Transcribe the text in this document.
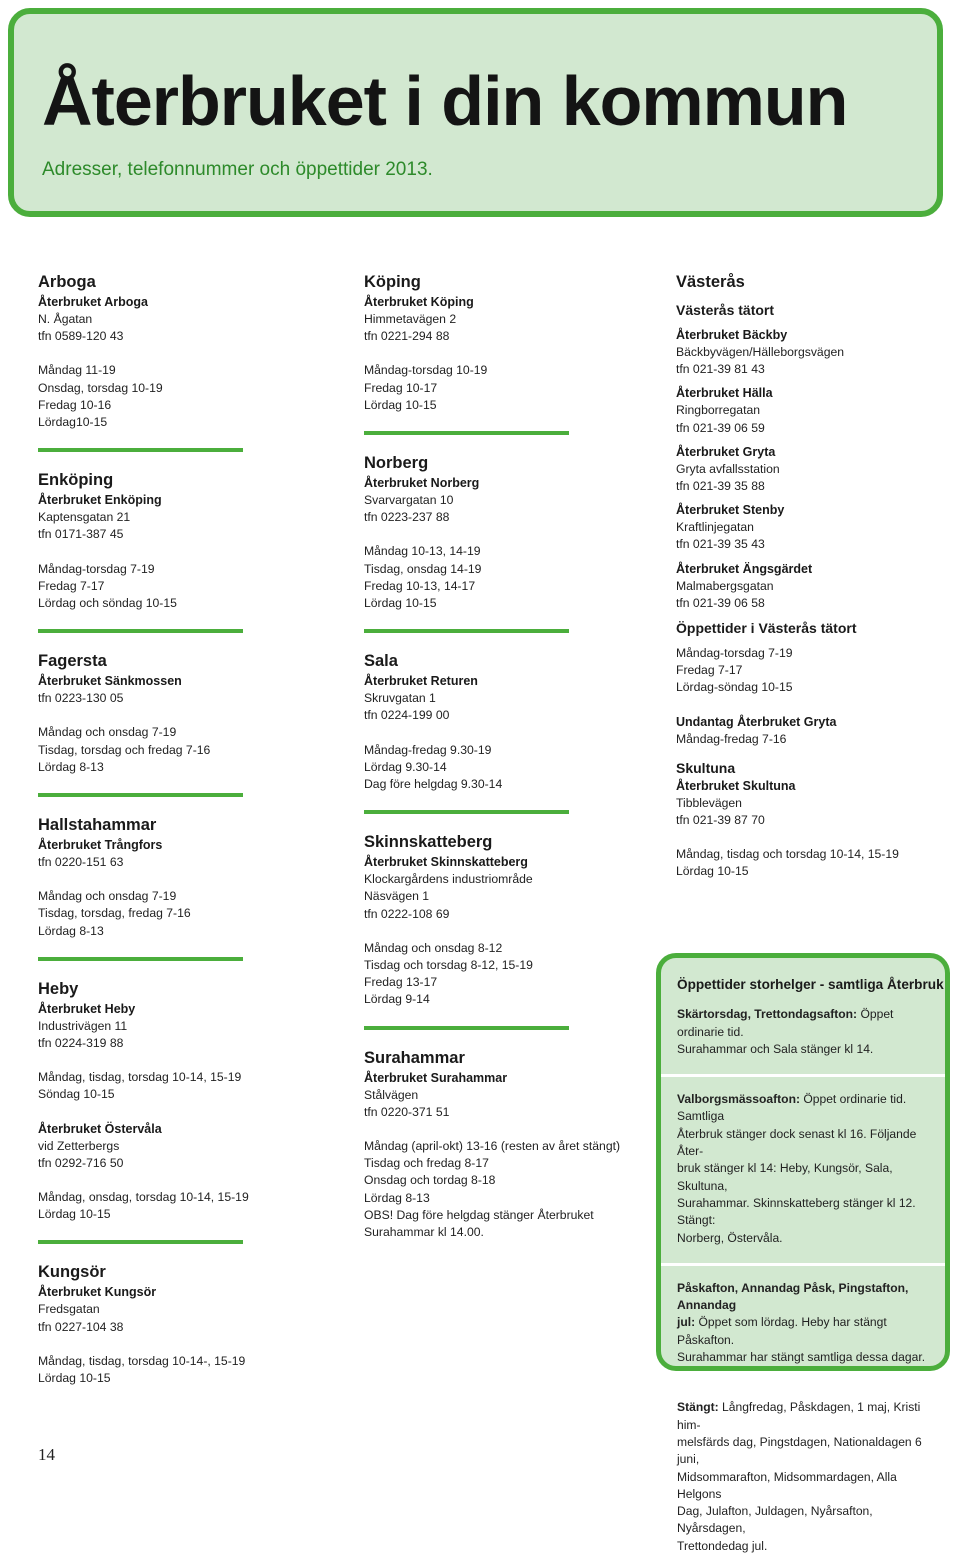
Återbruket i din kommun

Adresser, telefonnummer och öppettider 2013.

Arboga
Återbruket Arboga

N. Ågatan

tfn 0589-120 43

Måndag 11-19

Onsdag, torsdag 10-19

Fredag 10-16

Lördag10-15

Enköping
Återbruket Enköping

Kaptensgatan 21

tfn 0171-387 45

Måndag-torsdag 7-19

Fredag 7-17

Lördag och söndag 10-15

Fagersta
Återbruket Sänkmossen

tfn 0223-130 05

Måndag och onsdag 7-19

Tisdag, torsdag och fredag 7-16

Lördag 8-13

Hallstahammar
Återbruket Trångfors

tfn 0220-151 63

Måndag och onsdag 7-19

Tisdag, torsdag, fredag 7-16

Lördag 8-13

Heby
Återbruket Heby

Industrivägen 11

tfn 0224-319 88

Måndag, tisdag, torsdag 10-14, 15-19

Söndag 10-15

Återbruket Östervåla

vid Zetterbergs

tfn 0292-716 50

Måndag, onsdag, torsdag 10-14, 15-19

Lördag 10-15

Kungsör
Återbruket Kungsör

Fredsgatan

tfn 0227-104 38

Måndag, tisdag, torsdag 10-14-, 15-19

Lördag 10-15

Köping
Återbruket Köping

Himmetavägen 2

tfn 0221-294 88

Måndag-torsdag 10-19

Fredag 10-17

Lördag 10-15

Norberg
Återbruket Norberg

Svarvargatan 10

tfn 0223-237 88

Måndag 10-13, 14-19

Tisdag, onsdag 14-19

Fredag 10-13, 14-17

Lördag 10-15

Sala
Återbruket Returen

Skruvgatan 1

tfn 0224-199 00

Måndag-fredag 9.30-19

Lördag 9.30-14

Dag före helgdag 9.30-14

Skinnskatteberg
Återbruket Skinnskatteberg

Klockargårdens industriområde

Näsvägen 1

tfn 0222-108 69

Måndag och onsdag 8-12

Tisdag och torsdag 8-12, 15-19

Fredag 13-17

Lördag 9-14

Surahammar
Återbruket Surahammar

Stålvägen

tfn 0220-371 51

Måndag (april-okt) 13-16 (resten av året stängt)

Tisdag och fredag 8-17

Onsdag och tordag 8-18

Lördag 8-13

OBS! Dag före helgdag stänger Återbruket

Surahammar kl 14.00.

Västerås
Västerås tätort
Återbruket Bäckby

Bäckbyvägen/Hälleborgsvägen

tfn 021-39 81 43

Återbruket Hälla

Ringborregatan

tfn 021-39 06 59

Återbruket Gryta

Gryta avfallsstation

tfn 021-39 35 88

Återbruket Stenby

Kraftlinjegatan

tfn 021-39 35 43

Återbruket Ängsgärdet

Malmabergsgatan

tfn 021-39 06 58

Öppettider i Västerås tätort

Måndag-torsdag 7-19

Fredag 7-17

Lördag-söndag 10-15

Undantag Återbruket Gryta

Måndag-fredag 7-16

Skultuna
Återbruket Skultuna

Tibblevägen

tfn 021-39 87 70

Måndag, tisdag och torsdag 10-14, 15-19

Lördag 10-15

Öppettider storhelger - samtliga Återbruk

Skärtorsdag, Trettondagsafton: Öppet ordinarie tid.
Surahammar och Sala stänger kl 14.

Valborgsmässoafton: Öppet ordinarie tid. Samtliga
Återbruk stänger dock senast kl 16. Följande Åter-
bruk stänger kl 14: Heby, Kungsör, Sala, Skultuna,
Surahammar. Skinnskatteberg stänger kl 12. Stängt:
Norberg, Östervåla.

Påskafton, Annandag Påsk, Pingstafton, Annandag
jul: Öppet som lördag. Heby har stängt Påskafton.
Surahammar har stängt samtliga dessa dagar.

Stängt: Långfredag, Påskdagen, 1 maj, Kristi him-
melsfärds dag, Pingstdagen, Nationaldagen 6 juni,
Midsommarafton, Midsommardagen, Alla Helgons
Dag, Julafton, Juldagen, Nyårsafton, Nyårsdagen,
Trettondedag jul.

14
